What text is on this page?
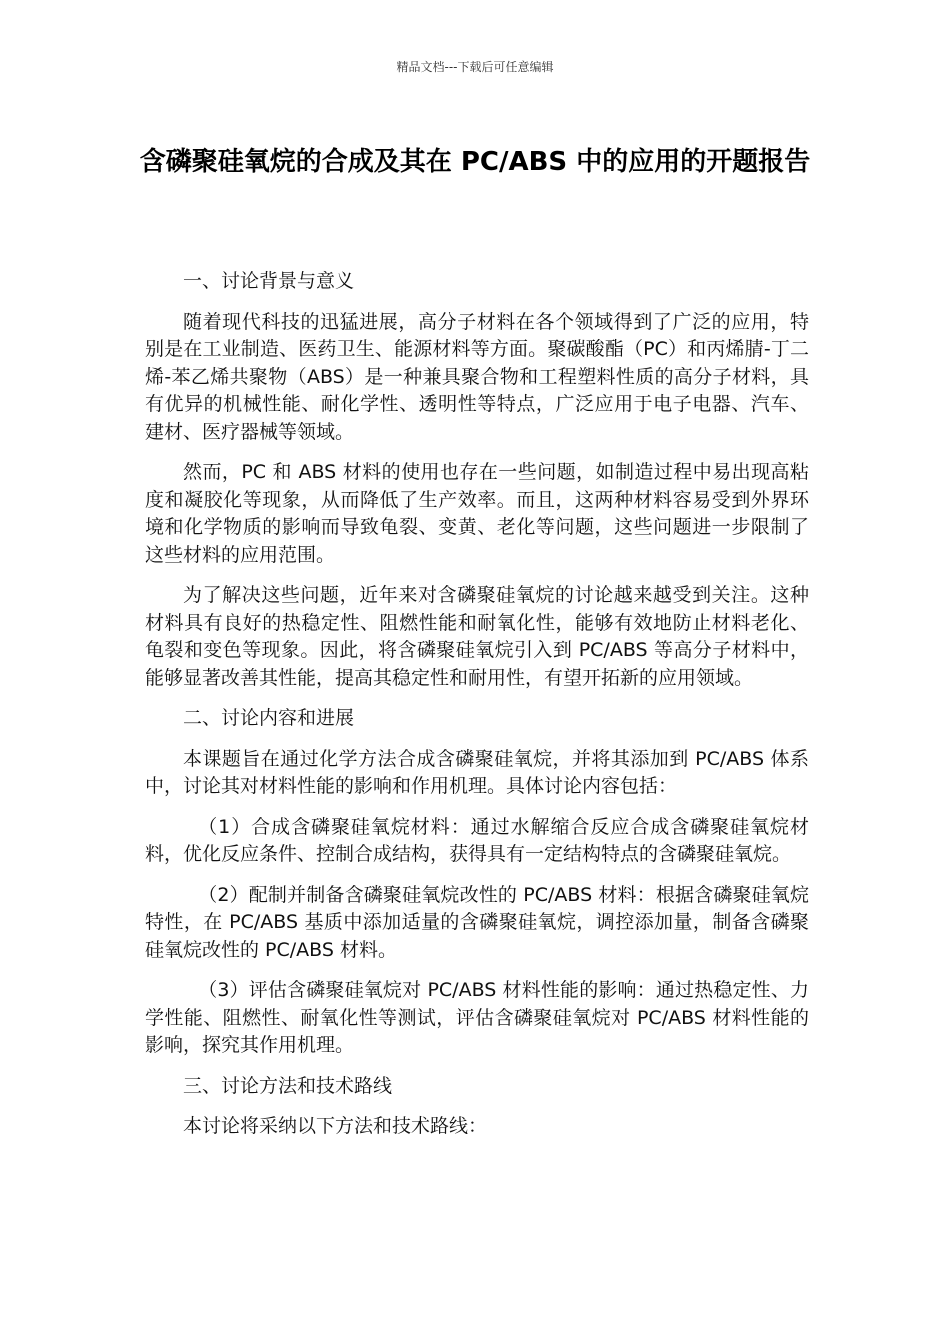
精品文档---下载后可任意编辑
含磷聚硅氧烷的合成及其在 PC/ABS 中的应用的开题报告

一、讨论背景与意义

随着现代科技的迅猛进展，高分子材料在各个领域得到了广泛的应用，特别是在工业制造、医药卫生、能源材料等方面。聚碳酸酯（PC）和丙烯腈-丁二烯-苯乙烯共聚物（ABS）是一种兼具聚合物和工程塑料性质的高分子材料，具有优异的机械性能、耐化学性、透明性等特点，广泛应用于电子电器、汽车、建材、医疗器械等领域。

然而，PC 和 ABS 材料的使用也存在一些问题，如制造过程中易出现高粘度和凝胶化等现象，从而降低了生产效率。而且，这两种材料容易受到外界环境和化学物质的影响而导致龟裂、变黄、老化等问题，这些问题进一步限制了这些材料的应用范围。

为了解决这些问题，近年来对含磷聚硅氧烷的讨论越来越受到关注。这种材料具有良好的热稳定性、阻燃性能和耐氧化性，能够有效地防止材料老化、龟裂和变色等现象。因此，将含磷聚硅氧烷引入到 PC/ABS 等高分子材料中，能够显著改善其性能，提高其稳定性和耐用性，有望开拓新的应用领域。

二、讨论内容和进展

本课题旨在通过化学方法合成含磷聚硅氧烷，并将其添加到 PC/ABS 体系中，讨论其对材料性能的影响和作用机理。具体讨论内容包括：

（1）合成含磷聚硅氧烷材料：通过水解缩合反应合成含磷聚硅氧烷材料，优化反应条件、控制合成结构，获得具有一定结构特点的含磷聚硅氧烷。

（2）配制并制备含磷聚硅氧烷改性的 PC/ABS 材料：根据含磷聚硅氧烷特性，在 PC/ABS 基质中添加适量的含磷聚硅氧烷，调控添加量，制备含磷聚硅氧烷改性的 PC/ABS 材料。

（3）评估含磷聚硅氧烷对 PC/ABS 材料性能的影响：通过热稳定性、力学性能、阻燃性、耐氧化性等测试，评估含磷聚硅氧烷对 PC/ABS 材料性能的影响，探究其作用机理。

三、讨论方法和技术路线

本讨论将采纳以下方法和技术路线：
